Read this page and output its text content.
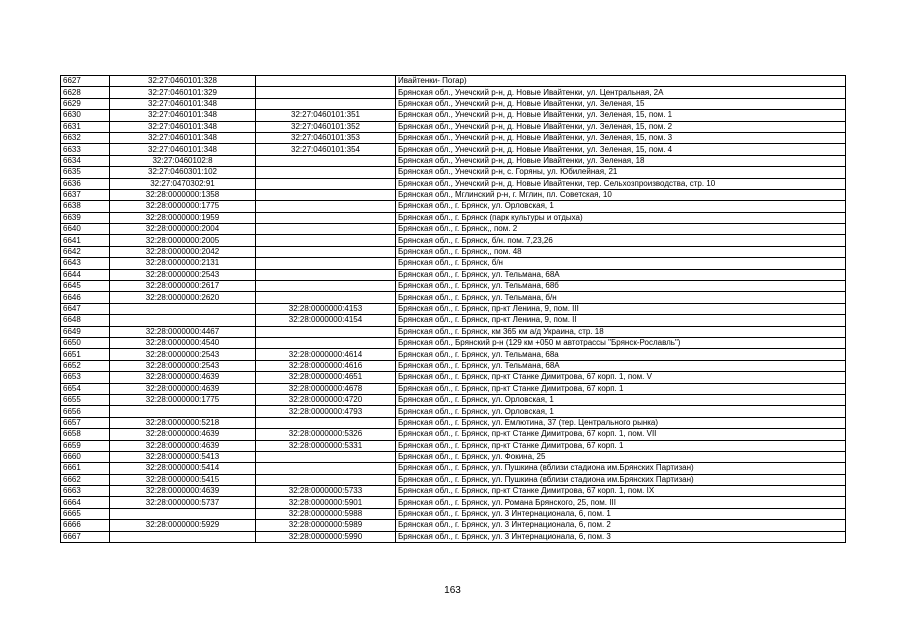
6627	32:27:0460101:328		Ивайтенки- Погар)
6628	32:27:0460101:329		Брянская обл., Унечский р-н, д. Новые Ивайтенки, ул. Центральная, 2А
6629	32:27:0460101:348		Брянская обл., Унечский р-н, д. Новые Ивайтенки, ул. Зеленая, 15
6630	32:27:0460101:348	32:27:0460101:351	Брянская обл., Унечский р-н, д. Новые Ивайтенки, ул. Зеленая, 15, пом. 1
6631	32:27:0460101:348	32:27:0460101:352	Брянская обл., Унечский р-н, д. Новые Ивайтенки, ул. Зеленая, 15, пом. 2
6632	32:27:0460101:348	32:27:0460101:353	Брянская обл., Унечский р-н, д. Новые Ивайтенки, ул. Зеленая, 15, пом. 3
6633	32:27:0460101:348	32:27:0460101:354	Брянская обл., Унечский р-н, д. Новые Ивайтенки, ул. Зеленая, 15, пом. 4
6634	32:27:0460102:8		Брянская обл., Унечский р-н, д. Новые Ивайтенки, ул. Зеленая, 18
6635	32:27:0460301:102		Брянская обл., Унечский р-н, с. Горяны, ул. Юбилейная, 21
6636	32:27:0470302:91		Брянская обл., Унечский р-н, д. Новые Ивайтенки, тер. Сельхозпроизводства, стр. 10
6637	32:28:0000000:1358		Брянская обл., Мглинский р-н, г. Мглин, пл. Советская, 10
6638	32:28:0000000:1775		Брянская обл., г. Брянск, ул. Орловская, 1
6639	32:28:0000000:1959		Брянская обл., г. Брянск (парк культуры и отдыха)
6640	32:28:0000000:2004		Брянская обл., г. Брянск,, пом. 2
6641	32:28:0000000:2005		Брянская обл., г. Брянск, б/н. пом. 7,23,26
6642	32:28:0000000:2042		Брянская обл., г. Брянск,, пом. 48
6643	32:28:0000000:2131		Брянская обл., г. Брянск, б/н
6644	32:28:0000000:2543		Брянская обл., г. Брянск, ул. Тельмана, 68А
6645	32:28:0000000:2617		Брянская обл., г. Брянск, ул. Тельмана, 68б
6646	32:28:0000000:2620		Брянская обл., г. Брянск, ул. Тельмана, б/н
6647		32:28:0000000:4153	Брянская обл., г. Брянск, пр-кт Ленина, 9, пом. III
6648		32:28:0000000:4154	Брянская обл., г. Брянск, пр-кт Ленина, 9, пом. II
6649	32:28:0000000:4467		Брянская обл., г. Брянск, км 365 км а/д Украина, стр. 18
6650	32:28:0000000:4540		Брянская обл., Брянский р-н (129 км +050 м автотрассы "Брянск-Рославль")
6651	32:28:0000000:2543	32:28:0000000:4614	Брянская обл., г. Брянск, ул. Тельмана, 68а
6652	32:28:0000000:2543	32:28:0000000:4616	Брянская обл., г. Брянск, ул. Тельмана, 68А
6653	32:28:0000000:4639	32:28:0000000:4651	Брянская обл., г. Брянск, пр-кт Станке Димитрова, 67 корп. 1, пом. V
6654	32:28:0000000:4639	32:28:0000000:4678	Брянская обл., г. Брянск, пр-кт Станке Димитрова, 67 корп. 1
6655	32:28:0000000:1775	32:28:0000000:4720	Брянская обл., г. Брянск, ул. Орловская, 1
6656		32:28:0000000:4793	Брянская обл., г. Брянск, ул. Орловская, 1
6657	32:28:0000000:5218		Брянская обл., г. Брянск, ул. Емлютина, 37 (тер. Центрального рынка)
6658	32:28:0000000:4639	32:28:0000000:5326	Брянская обл., г. Брянск, пр-кт Станке Димитрова, 67 корп. 1, пом. VII
6659	32:28:0000000:4639	32:28:0000000:5331	Брянская обл., г. Брянск, пр-кт Станке Димитрова, 67 корп. 1
6660	32:28:0000000:5413		Брянская обл., г. Брянск, ул. Фокина, 25
6661	32:28:0000000:5414		Брянская обл., г. Брянск, ул. Пушкина (вблизи стадиона им.Брянских Партизан)
6662	32:28:0000000:5415		Брянская обл., г. Брянск, ул. Пушкина (вблизи стадиона им.Брянских Партизан)
6663	32:28:0000000:4639	32:28:0000000:5733	Брянская обл., г. Брянск, пр-кт Станке Димитрова, 67 корп. 1, пом. IX
6664	32:28:0000000:5737	32:28:0000000:5901	Брянская обл., г. Брянск, ул. Романа Брянского, 25, пом. III
6665		32:28:0000000:5988	Брянская обл., г. Брянск, ул. 3 Интернационала, 6, пом. 1
6666	32:28:0000000:5929	32:28:0000000:5989	Брянская обл., г. Брянск, ул. 3 Интернационала, 6, пом. 2
6667		32:28:0000000:5990	Брянская обл., г. Брянск, ул. 3 Интернационала, 6, пом. 3
163
